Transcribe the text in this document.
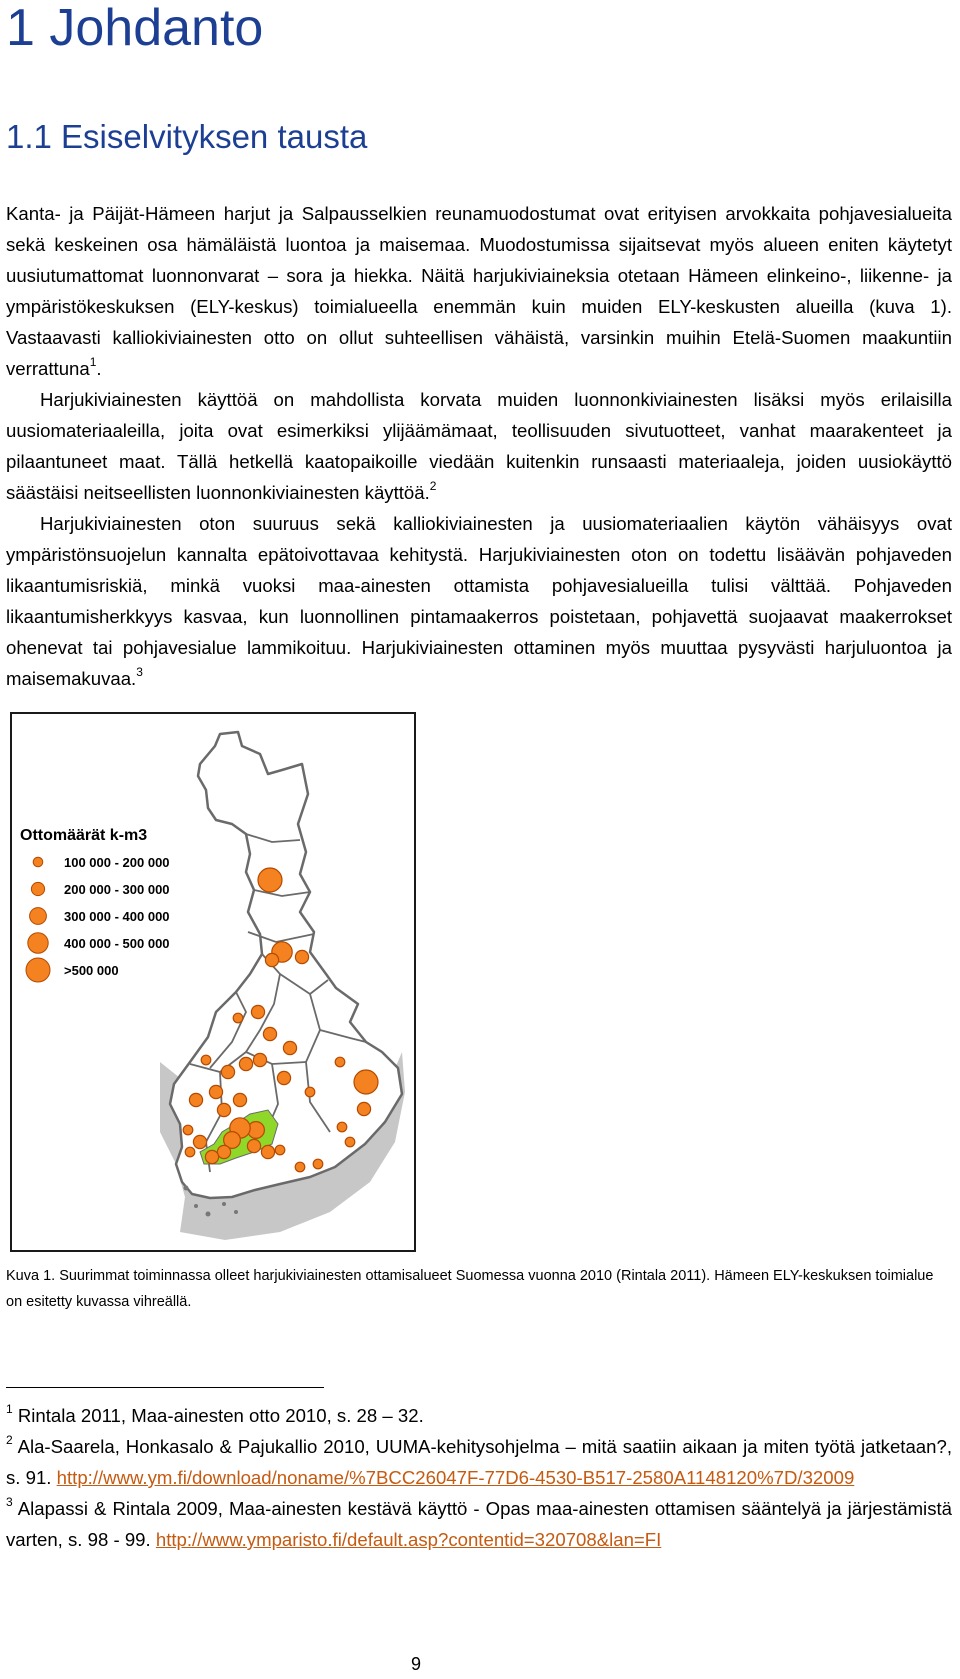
1 Johdanto
1.1 Esiselvityksen tausta

Kanta- ja Päijät-Hämeen harjut ja Salpausselkien reunamuodostumat ovat erityisen arvokkaita pohjavesialueita sekä keskeinen osa hämäläistä luontoa ja maisemaa. Muodostumissa sijaitsevat myös alueen eniten käytetyt uusiutumattomat luonnonvarat – sora ja hiekka. Näitä harjukiviaineksia otetaan Hämeen elinkeino-, liikenne- ja ympäristökeskuksen (ELY-keskus) toimialueella enemmän kuin muiden ELY-keskusten alueilla (kuva 1). Vastaavasti kalliokiviainesten otto on ollut suhteellisen vähäistä, varsinkin muihin Etelä-Suomen maakuntiin verrattuna$^1$.

Harjukiviainesten käyttöä on mahdollista korvata muiden luonnonkiviainesten lisäksi myös erilaisilla uusiomateriaaleilla, joita ovat esimerkiksi ylijäämämaat, teollisuuden sivutuotteet, vanhat maarakenteet ja pilaantuneet maat. Tällä hetkellä kaatopaikoille viedään kuitenkin runsaasti materiaaleja, joiden uusiokäyttö säästäisi neitseellisten luonnonkiviainesten käyttöä.$^2$

Harjukiviainesten oton suuruus sekä kalliokiviainesten ja uusiomateriaalien käytön vähäisyys ovat ympäristönsuojelun kannalta epätoivottavaa kehitystä. Harjukiviainesten oton on todettu lisäävän pohjaveden likaantumisriskiä, minkä vuoksi maa-ainesten ottamista pohjavesialueilla tulisi välttää. Pohjaveden likaantumisherkkyys kasvaa, kun luonnollinen pintamaakerros poistetaan, pohjavettä suojaavat maakerrokset ohenevat tai pohjavesialue lammikoituu. Harjukiviainesten ottaminen myös muuttaa pysyvästi harjuluontoa ja maisemakuvaa.$^3$

Ottomäärät k-m3
100 000 - 200 000
200 000 - 300 000
300 000 - 400 000
400 000 - 500 000
>500 000
Kuva 1. Suurimmat toiminnassa olleet harjukiviainesten ottamisalueet Suomessa vuonna 2010 (Rintala 2011). Hämeen ELY-keskuksen toimialue on esitetty kuvassa vihreällä.

$^1$ Rintala 2011, Maa-ainesten otto 2010, s. 28 – 32.

$^2$ Ala-Saarela, Honkasalo & Pajukallio 2010, UUMA-kehitysohjelma – mitä saatiin aikaan ja miten työtä jatketaan?, s. 91. http://www.ym.fi/download/noname/%7BCC26047F-77D6-4530-B517-2580A1148120%7D/32009

$^3$ Alapassi & Rintala 2009, Maa-ainesten kestävä käyttö - Opas maa-ainesten ottamisen sääntelyä ja järjestämistä varten, s. 98 - 99. http://www.ymparisto.fi/default.asp?contentid=320708&lan=FI

9
